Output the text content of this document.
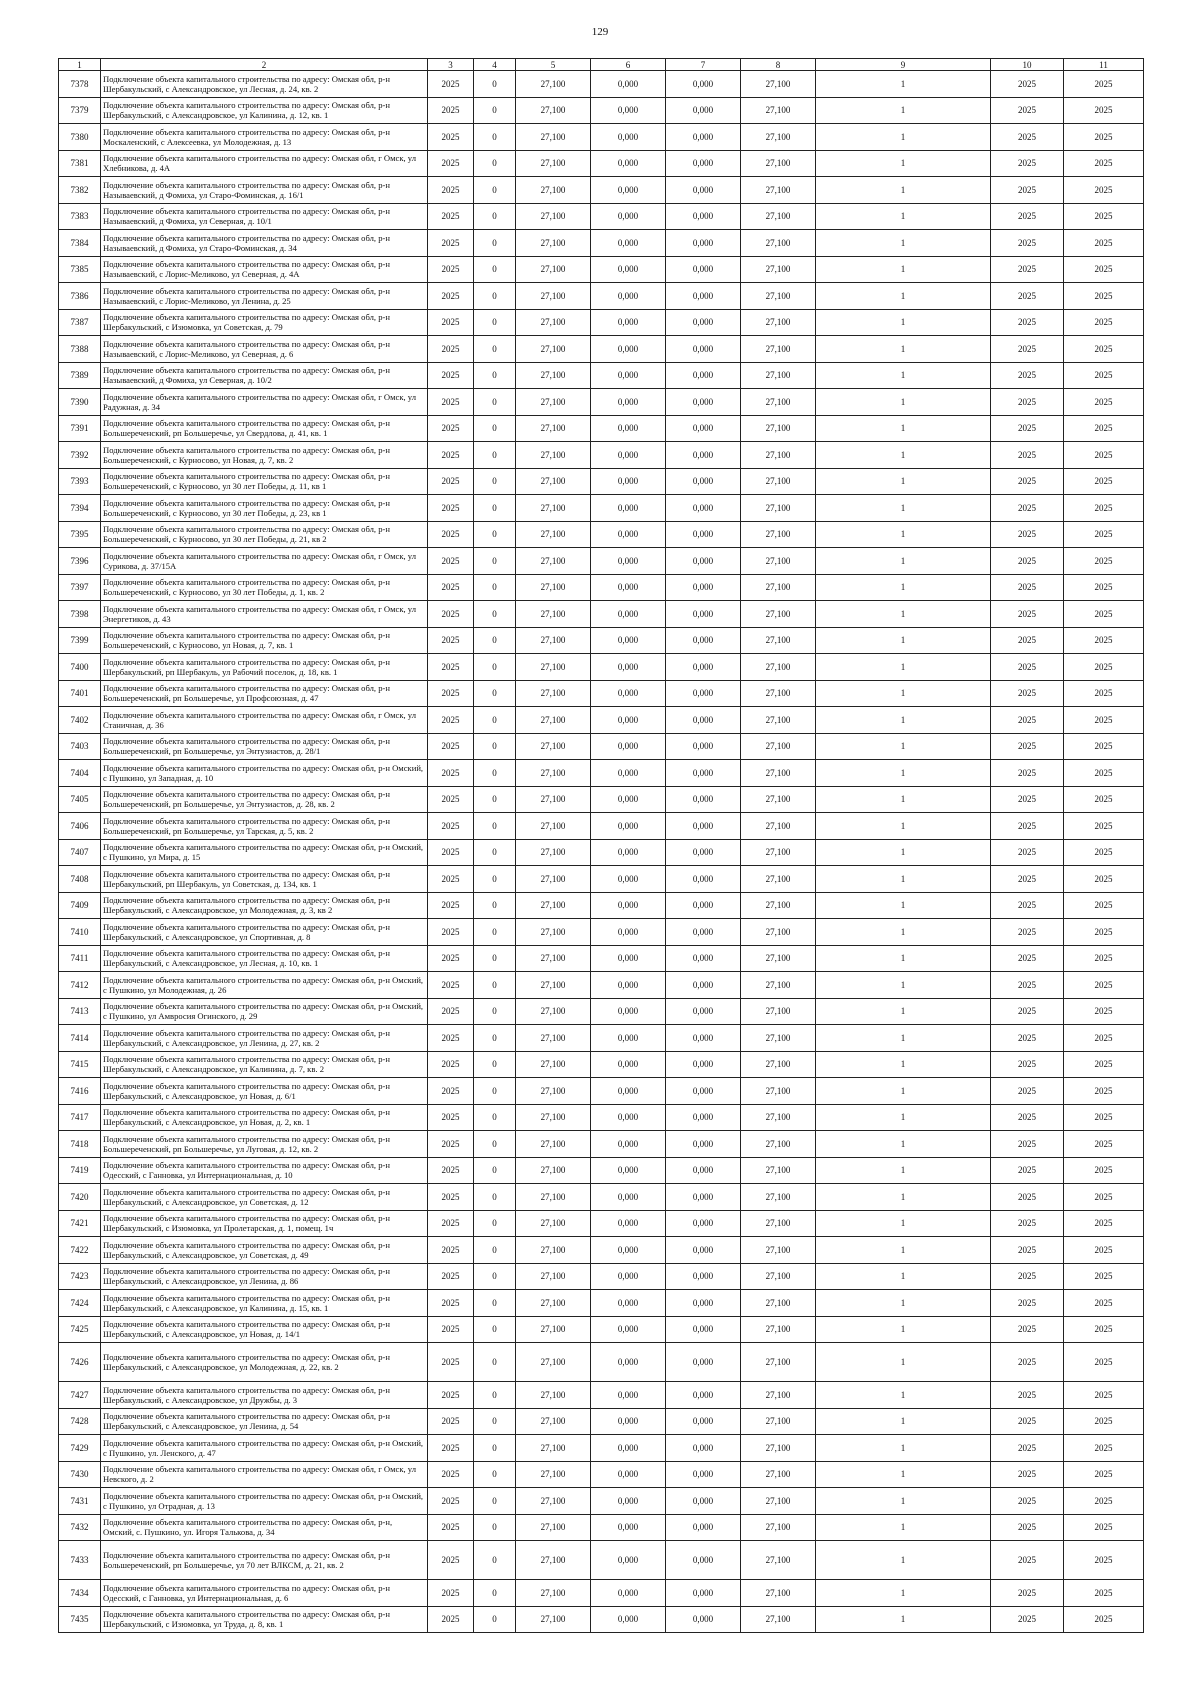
129
1	2	3	4	5	6	7	8	9	10	11
7378	Подключение объекта капитального строительства по адресу: Омская обл, р-н Шербакульский, с Александровское, ул Лесная, д. 24, кв. 2	2025	0	27,100	0,000	0,000	27,100	1	2025	2025
7379	Подключение объекта капитального строительства по адресу: Омская обл, р-н Шербакульский, с Александровское, ул Калинина, д. 12, кв. 1	2025	0	27,100	0,000	0,000	27,100	1	2025	2025
7380	Подключение объекта капитального строительства по адресу: Омская обл, р-н Москаленский, с Алексеевка, ул Молодежная, д. 13	2025	0	27,100	0,000	0,000	27,100	1	2025	2025
7381	Подключение объекта капитального строительства по адресу: Омская обл, г Омск, ул Хлебникова, д. 4А	2025	0	27,100	0,000	0,000	27,100	1	2025	2025
7382	Подключение объекта капитального строительства по адресу: Омская обл, р-н Называевский, д Фомиха, ул Старо-Фоминская, д. 16/1	2025	0	27,100	0,000	0,000	27,100	1	2025	2025
7383	Подключение объекта капитального строительства по адресу: Омская обл, р-н Называевский, д Фомиха, ул Северная, д. 10/1	2025	0	27,100	0,000	0,000	27,100	1	2025	2025
7384	Подключение объекта капитального строительства по адресу: Омская обл, р-н Называевский, д Фомиха, ул Старо-Фоминская, д. 34	2025	0	27,100	0,000	0,000	27,100	1	2025	2025
7385	Подключение объекта капитального строительства по адресу: Омская обл, р-н Называевский, с Лорис-Меликово, ул Северная, д. 4А	2025	0	27,100	0,000	0,000	27,100	1	2025	2025
7386	Подключение объекта капитального строительства по адресу: Омская обл, р-н Называевский, с Лорис-Меликово, ул Ленина, д. 25	2025	0	27,100	0,000	0,000	27,100	1	2025	2025
7387	Подключение объекта капитального строительства по адресу: Омская обл, р-н Шербакульский, с Изюмовка, ул Советская, д. 79	2025	0	27,100	0,000	0,000	27,100	1	2025	2025
7388	Подключение объекта капитального строительства по адресу: Омская обл, р-н Называевский, с Лорис-Меликово, ул Северная, д. 6	2025	0	27,100	0,000	0,000	27,100	1	2025	2025
7389	Подключение объекта капитального строительства по адресу: Омская обл, р-н Называевский, д Фомиха, ул Северная, д. 10/2	2025	0	27,100	0,000	0,000	27,100	1	2025	2025
7390	Подключение объекта капитального строительства по адресу: Омская обл, г Омск, ул Радужная, д. 34	2025	0	27,100	0,000	0,000	27,100	1	2025	2025
7391	Подключение объекта капитального строительства по адресу: Омская обл, р-н Большереченский, рп Большеречье, ул Свердлова, д. 41, кв. 1	2025	0	27,100	0,000	0,000	27,100	1	2025	2025
7392	Подключение объекта капитального строительства по адресу: Омская обл, р-н Большереченский, с Курносово, ул Новая, д. 7, кв. 2	2025	0	27,100	0,000	0,000	27,100	1	2025	2025
7393	Подключение объекта капитального строительства по адресу: Омская обл, р-н Большереченский, с Курносово, ул 30 лет Победы, д. 11, кв 1	2025	0	27,100	0,000	0,000	27,100	1	2025	2025
7394	Подключение объекта капитального строительства по адресу: Омская обл, р-н Большереченский, с Курносово, ул 30 лет Победы, д. 23, кв 1	2025	0	27,100	0,000	0,000	27,100	1	2025	2025
7395	Подключение объекта капитального строительства по адресу: Омская обл, р-н Большереченский, с Курносово, ул 30 лет Победы, д. 21, кв 2	2025	0	27,100	0,000	0,000	27,100	1	2025	2025
7396	Подключение объекта капитального строительства по адресу: Омская обл, г Омск, ул Сурикова, д. 37/15А	2025	0	27,100	0,000	0,000	27,100	1	2025	2025
7397	Подключение объекта капитального строительства по адресу: Омская обл, р-н Большереченский, с Курносово, ул 30 лет Победы, д. 1, кв. 2	2025	0	27,100	0,000	0,000	27,100	1	2025	2025
7398	Подключение объекта капитального строительства по адресу: Омская обл, г Омск, ул Энергетиков, д. 43	2025	0	27,100	0,000	0,000	27,100	1	2025	2025
7399	Подключение объекта капитального строительства по адресу: Омская обл, р-н Большереченский, с Курносово, ул Новая, д. 7, кв. 1	2025	0	27,100	0,000	0,000	27,100	1	2025	2025
7400	Подключение объекта капитального строительства по адресу: Омская обл, р-н Шербакульский, рп Шербакуль, ул Рабочий поселок, д. 18, кв. 1	2025	0	27,100	0,000	0,000	27,100	1	2025	2025
7401	Подключение объекта капитального строительства по адресу: Омская обл, р-н Большереченский, рп Большеречье, ул Профсоюзная, д. 47	2025	0	27,100	0,000	0,000	27,100	1	2025	2025
7402	Подключение объекта капитального строительства по адресу: Омская обл, г Омск, ул Станичная, д. 36	2025	0	27,100	0,000	0,000	27,100	1	2025	2025
7403	Подключение объекта капитального строительства по адресу: Омская обл, р-н Большереченский, рп Большеречье, ул Энтузиастов, д. 28/1	2025	0	27,100	0,000	0,000	27,100	1	2025	2025
7404	Подключение объекта капитального строительства по адресу: Омская обл, р-н Омский, с Пушкино, ул Западная, д. 10	2025	0	27,100	0,000	0,000	27,100	1	2025	2025
7405	Подключение объекта капитального строительства по адресу: Омская обл, р-н Большереченский, рп Большеречье, ул Энтузиастов, д. 28, кв. 2	2025	0	27,100	0,000	0,000	27,100	1	2025	2025
7406	Подключение объекта капитального строительства по адресу: Омская обл, р-н Большереченский, рп Большеречье, ул Тарская, д. 5, кв. 2	2025	0	27,100	0,000	0,000	27,100	1	2025	2025
7407	Подключение объекта капитального строительства по адресу: Омская обл, р-н Омский, с Пушкино, ул Мира, д. 15	2025	0	27,100	0,000	0,000	27,100	1	2025	2025
7408	Подключение объекта капитального строительства по адресу: Омская обл, р-н Шербакульский, рп Шербакуль, ул Советская, д. 134, кв. 1	2025	0	27,100	0,000	0,000	27,100	1	2025	2025
7409	Подключение объекта капитального строительства по адресу: Омская обл, р-н Шербакульский, с Александровское, ул Молодежная, д. 3, кв 2	2025	0	27,100	0,000	0,000	27,100	1	2025	2025
7410	Подключение объекта капитального строительства по адресу: Омская обл, р-н Шербакульский, с Александровское, ул Спортивная, д. 8	2025	0	27,100	0,000	0,000	27,100	1	2025	2025
7411	Подключение объекта капитального строительства по адресу: Омская обл, р-н Шербакульский, с Александровское, ул Лесная, д. 10, кв. 1	2025	0	27,100	0,000	0,000	27,100	1	2025	2025
7412	Подключение объекта капитального строительства по адресу: Омская обл, р-н Омский, с Пушкино, ул Молодежная, д. 26	2025	0	27,100	0,000	0,000	27,100	1	2025	2025
7413	Подключение объекта капитального строительства по адресу: Омская обл, р-н Омский, с Пушкино, ул Амвросия Огинского, д. 29	2025	0	27,100	0,000	0,000	27,100	1	2025	2025
7414	Подключение объекта капитального строительства по адресу: Омская обл, р-н Шербакульский, с Александровское, ул Ленина, д. 27, кв. 2	2025	0	27,100	0,000	0,000	27,100	1	2025	2025
7415	Подключение объекта капитального строительства по адресу: Омская обл, р-н Шербакульский, с Александровское, ул Калинина, д. 7, кв. 2	2025	0	27,100	0,000	0,000	27,100	1	2025	2025
7416	Подключение объекта капитального строительства по адресу: Омская обл, р-н Шербакульский, с Александровское, ул Новая, д. 6/1	2025	0	27,100	0,000	0,000	27,100	1	2025	2025
7417	Подключение объекта капитального строительства по адресу: Омская обл, р-н Шербакульский, с Александровское, ул Новая, д. 2, кв. 1	2025	0	27,100	0,000	0,000	27,100	1	2025	2025
7418	Подключение объекта капитального строительства по адресу: Омская обл, р-н Большереченский, рп Большеречье, ул Луговая, д. 12, кв. 2	2025	0	27,100	0,000	0,000	27,100	1	2025	2025
7419	Подключение объекта капитального строительства по адресу: Омская обл, р-н Одесский, с Ганновка, ул Интернациональная, д. 10	2025	0	27,100	0,000	0,000	27,100	1	2025	2025
7420	Подключение объекта капитального строительства по адресу: Омская обл, р-н Шербакульский, с Александровское, ул Советская, д. 12	2025	0	27,100	0,000	0,000	27,100	1	2025	2025
7421	Подключение объекта капитального строительства по адресу: Омская обл, р-н Шербакульский, с Изюмовка, ул Пролетарская, д. 1, помещ. 1ч	2025	0	27,100	0,000	0,000	27,100	1	2025	2025
7422	Подключение объекта капитального строительства по адресу: Омская обл, р-н Шербакульский, с Александровское, ул Советская, д. 49	2025	0	27,100	0,000	0,000	27,100	1	2025	2025
7423	Подключение объекта капитального строительства по адресу: Омская обл, р-н Шербакульский, с Александровское, ул Ленина, д. 86	2025	0	27,100	0,000	0,000	27,100	1	2025	2025
7424	Подключение объекта капитального строительства по адресу: Омская обл, р-н Шербакульский, с Александровское, ул Калинина, д. 15, кв. 1	2025	0	27,100	0,000	0,000	27,100	1	2025	2025
7425	Подключение объекта капитального строительства по адресу: Омская обл, р-н Шербакульский, с Александровское, ул Новая, д. 14/1	2025	0	27,100	0,000	0,000	27,100	1	2025	2025
7426	Подключение объекта капитального строительства по адресу: Омская обл, р-н Шербакульский, с Александровское, ул Молодежная, д. 22, кв. 2	2025	0	27,100	0,000	0,000	27,100	1	2025	2025
7427	Подключение объекта капитального строительства по адресу: Омская обл, р-н Шербакульский, с Александровское, ул Дружбы, д. 3	2025	0	27,100	0,000	0,000	27,100	1	2025	2025
7428	Подключение объекта капитального строительства по адресу: Омская обл, р-н Шербакульский, с Александровское, ул Ленина, д. 54	2025	0	27,100	0,000	0,000	27,100	1	2025	2025
7429	Подключение объекта капитального строительства по адресу: Омская обл, р-н Омский, с Пушкино, ул. Ленского, д. 47	2025	0	27,100	0,000	0,000	27,100	1	2025	2025
7430	Подключение объекта капитального строительства по адресу: Омская обл, г Омск, ул Невского, д. 2	2025	0	27,100	0,000	0,000	27,100	1	2025	2025
7431	Подключение объекта капитального строительства по адресу: Омская обл, р-н Омский, с Пушкино, ул Отрадная, д. 13	2025	0	27,100	0,000	0,000	27,100	1	2025	2025
7432	Подключение объекта капитального строительства по адресу: Омская обл, р-н, Омский, с. Пушкино, ул. Игоря Талькова, д. 34	2025	0	27,100	0,000	0,000	27,100	1	2025	2025
7433	Подключение объекта капитального строительства по адресу: Омская обл, р-н Большереченский, рп Большеречье, ул 70 лет ВЛКСМ, д. 21, кв. 2	2025	0	27,100	0,000	0,000	27,100	1	2025	2025
7434	Подключение объекта капитального строительства по адресу: Омская обл, р-н Одесский, с Ганновка, ул Интернациональная, д. 6	2025	0	27,100	0,000	0,000	27,100	1	2025	2025
7435	Подключение объекта капитального строительства по адресу: Омская обл, р-н Шербакульский, с Изюмовка, ул Труда, д. 8, кв. 1	2025	0	27,100	0,000	0,000	27,100	1	2025	2025
